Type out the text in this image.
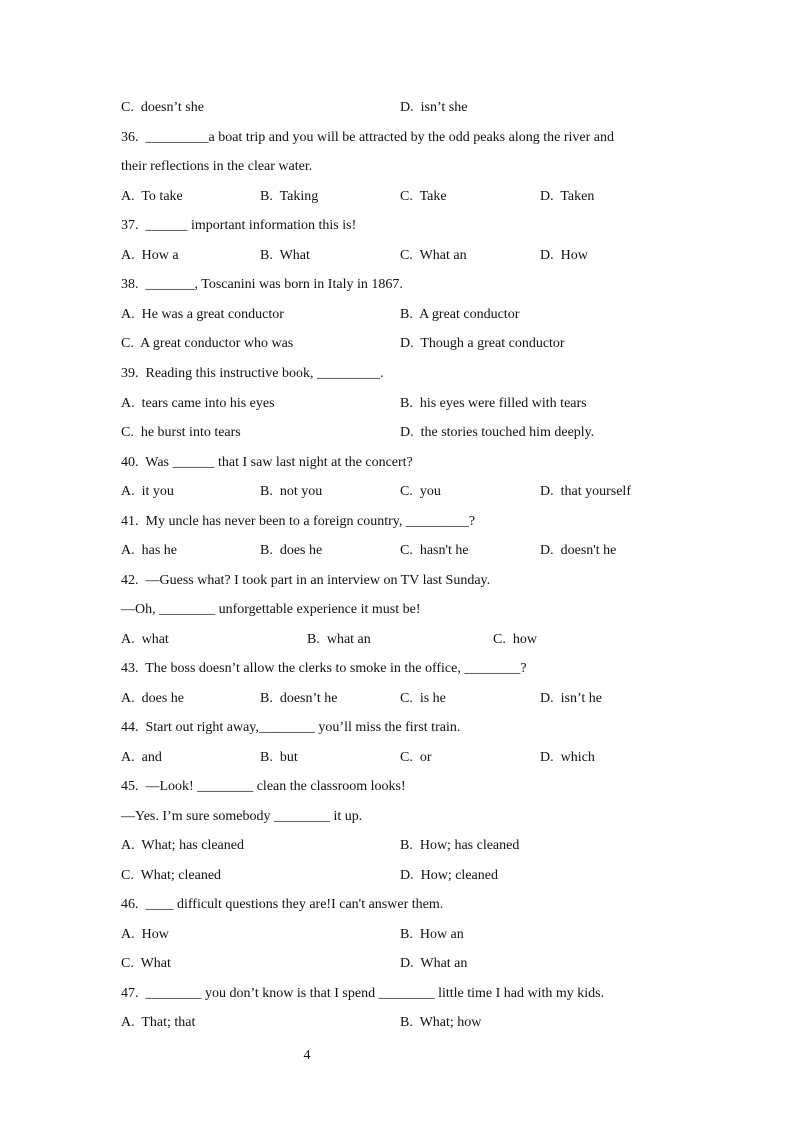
C.  doesn’t she	D.  isn’t she
36.  _________a boat trip and you will be attracted by the odd peaks along the river and
their reflections in the clear water.
A.  To take	B.  Taking	C.  Take	D.  Taken
37.  ______ important information this is!
A.  How a	B.  What	C.  What an	D.  How
38.  _______, Toscanini was born in Italy in 1867.
A.  He was a great conductor	B.  A great conductor
C.  A great conductor who was	D.  Though a great conductor
39.  Reading this instructive book, _________.
A.  tears came into his eyes	B.  his eyes were filled with tears
C.  he burst into tears	D.  the stories touched him deeply.
40.  Was ______ that I saw last night at the concert?
A.  it you	B.  not you	C.  you	D.  that yourself
41.  My uncle has never been to a foreign country, _________?
A.  has he	B.  does he	C.  hasn't he	D.  doesn't he
42.  —Guess what? I took part in an interview on TV last Sunday.
—Oh, ________ unforgettable experience it must be!
A.  what	B.  what an	C.  how
43.  The boss doesn’t allow the clerks to smoke in the office, ________?
A.  does he	B.  doesn’t he	C.  is he	D.  isn’t he
44.  Start out right away,________ you’ll miss the first train.
A.  and	B.  but	C.  or	D.  which
45.  —Look! ________ clean the classroom looks!
—Yes. I’m sure somebody ________ it up.
A.  What; has cleaned	B.  How; has cleaned
C.  What; cleaned	D.  How; cleaned
46.  ____ difficult questions they are!I can't answer them.
A.  How	B.  How an
C.  What	D.  What an
47.  ________ you don’t know is that I spend ________ little time I had with my kids.
A.  That; that	B.  What; how
4
